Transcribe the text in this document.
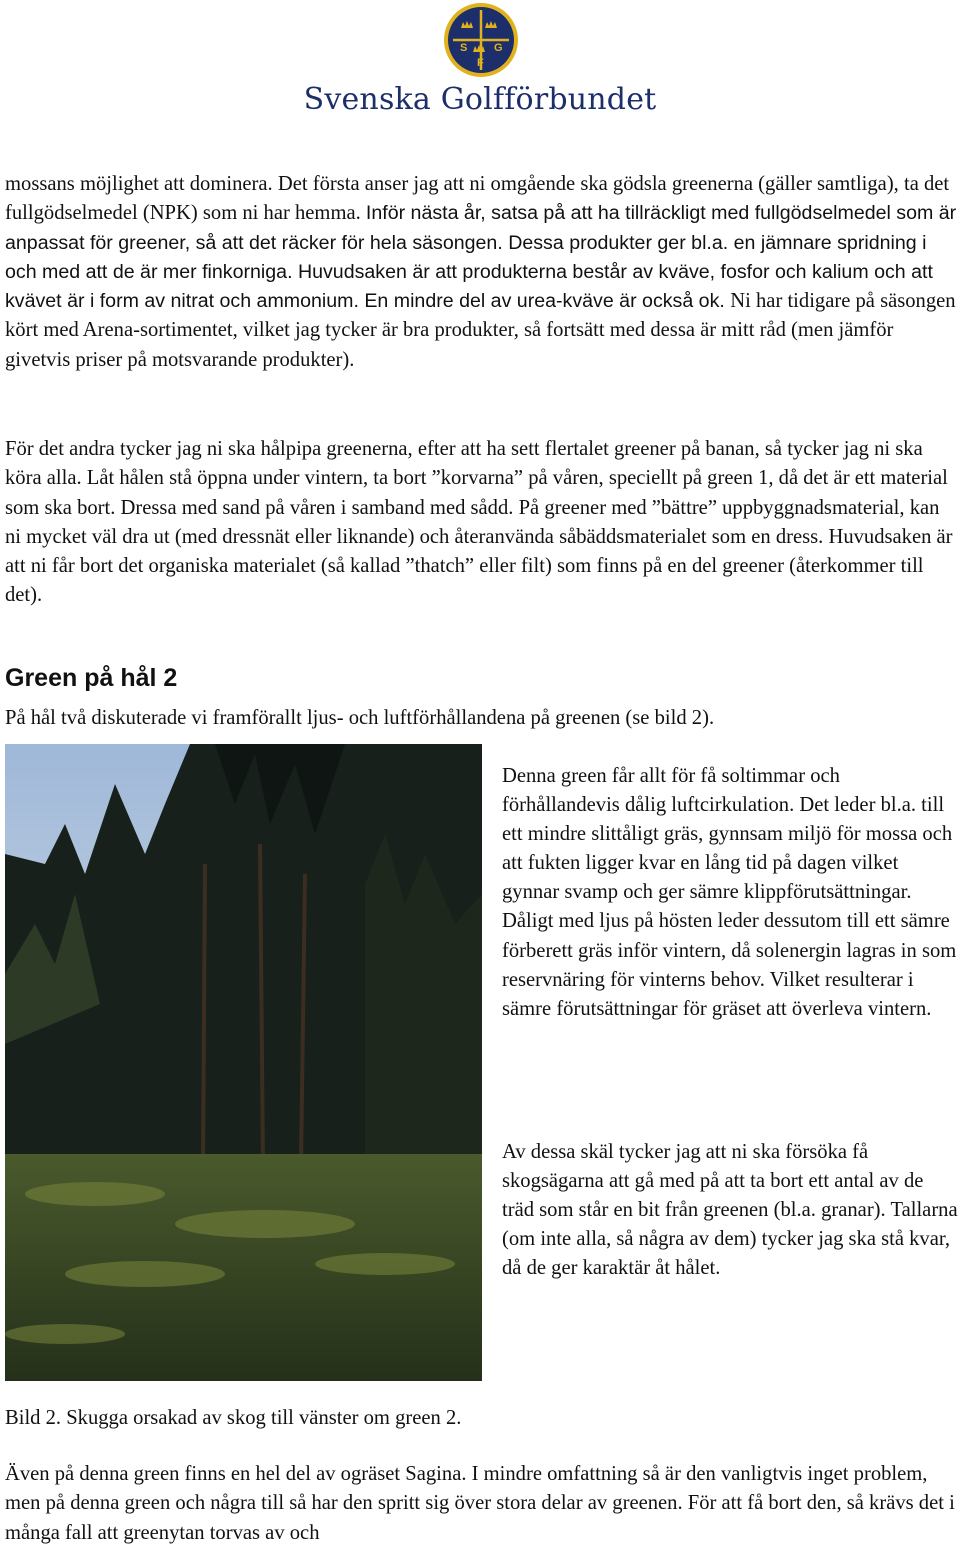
S G
F
Svenska Golfförbundet

mossans möjlighet att dominera. Det första anser jag att ni omgående ska gödsla greenerna (gäller samtliga), ta det fullgödselmedel (NPK) som ni har hemma. Inför nästa år, satsa på att ha tillräckligt med fullgödselmedel som är anpassat för greener, så att det räcker för hela säsongen. Dessa produkter ger bl.a. en jämnare spridning i och med att de är mer finkorniga. Huvudsaken är att produkterna består av kväve, fosfor och kalium och att kvävet är i form av nitrat och ammonium. En mindre del av urea-kväve är också ok. Ni har tidigare på säsongen kört med Arena-sortimentet, vilket jag tycker är bra produkter, så fortsätt med dessa är mitt råd (men jämför givetvis priser på motsvarande produkter).

För det andra tycker jag ni ska hålpipa greenerna, efter att ha sett flertalet greener på banan, så tycker jag ni ska köra alla. Låt hålen stå öppna under vintern, ta bort ”korvarna” på våren, speciellt på green 1, då det är ett material som ska bort. Dressa med sand på våren i samband med sådd. På greener med ”bättre” uppbyggnadsmaterial, kan ni mycket väl dra ut (med dressnät eller liknande) och återanvända såbäddsmaterialet som en dress. Huvudsaken är att ni får bort det organiska materialet (så kallad ”thatch” eller filt) som finns på en del greener (återkommer till det).

Green på hål 2

På hål två diskuterade vi framförallt ljus- och luftförhållandena på greenen (se bild 2).

Denna green får allt för få soltimmar och förhållandevis dålig luftcirkulation. Det leder bl.a. till ett mindre slittåligt gräs, gynnsam miljö för mossa och att fukten ligger kvar en lång tid på dagen vilket gynnar svamp och ger sämre klippförutsättningar. Dåligt med ljus på hösten leder dessutom till ett sämre förberett gräs inför vintern, då solenergin lagras in som reservnäring för vinterns behov. Vilket resulterar i sämre förutsättningar för gräset att överleva vintern.

Av dessa skäl tycker jag att ni ska försöka få skogsägarna att gå med på att ta bort ett antal av de träd som står en bit från greenen (bl.a. granar). Tallarna (om inte alla, så några av dem) tycker jag ska stå kvar, då de ger karaktär åt hålet.

Bild 2. Skugga orsakad av skog till vänster om green 2.

Även på denna green finns en hel del av ogräset Sagina. I mindre omfattning så är den vanligtvis inget problem, men på denna green och några till så har den spritt sig över stora delar av greenen. För att få bort den, så krävs det i många fall att greenytan torvas av och
